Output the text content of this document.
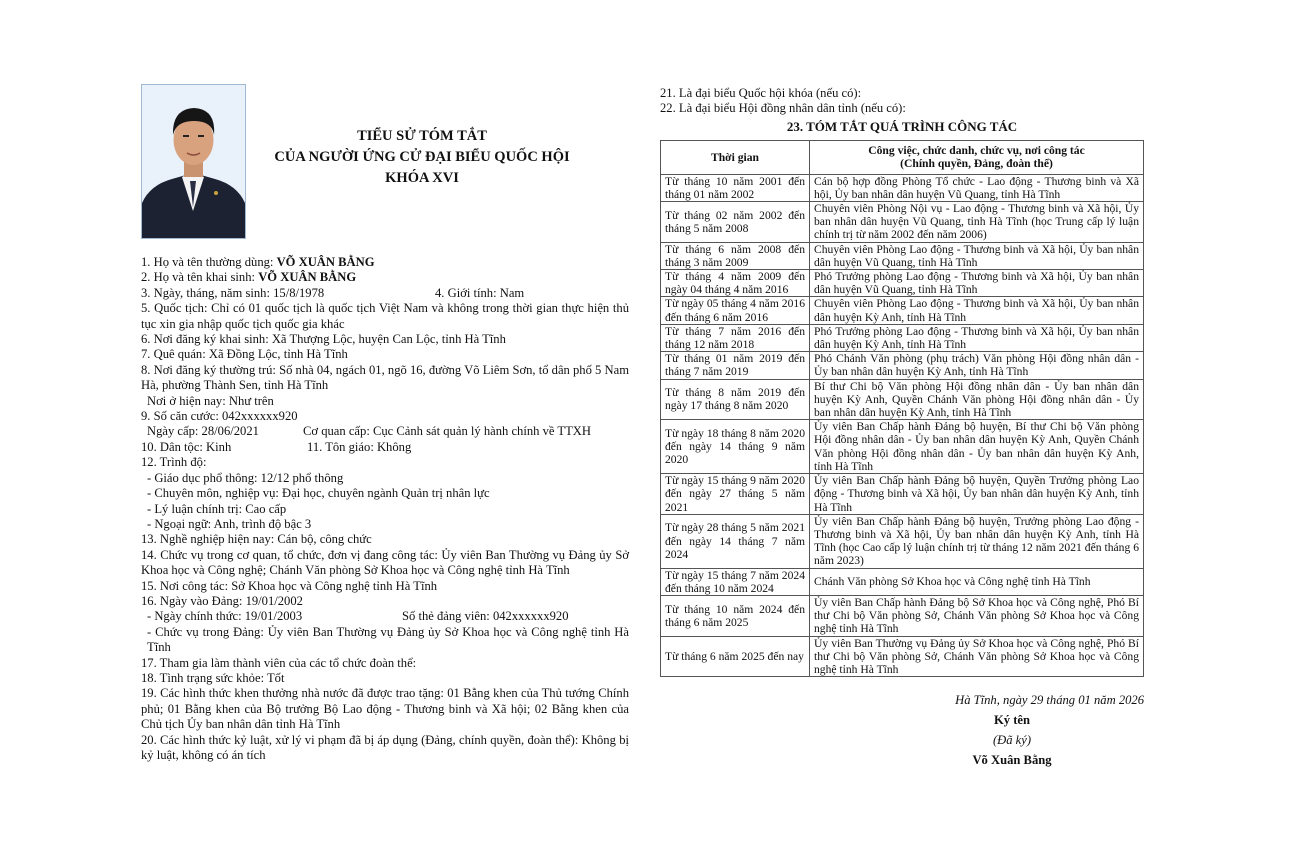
TIỂU SỬ TÓM TẮT
CỦA NGƯỜI ỨNG CỬ ĐẠI BIỂU QUỐC HỘI
KHÓA XVI

1. Họ và tên thường dùng: VÕ XUÂN BẰNG

2. Họ và tên khai sinh: VÕ XUÂN BẰNG

3. Ngày, tháng, năm sinh: 15/8/1978	4. Giới tính: Nam

5. Quốc tịch: Chỉ có 01 quốc tịch là quốc tịch Việt Nam và không trong thời gian thực hiện thủ tục xin gia nhập quốc tịch quốc gia khác

6. Nơi đăng ký khai sinh: Xã Thượng Lộc, huyện Can Lộc, tỉnh Hà Tĩnh

7. Quê quán: Xã Đồng Lộc, tỉnh Hà Tĩnh

8. Nơi đăng ký thường trú: Số nhà 04, ngách 01, ngõ 16, đường Võ Liêm Sơn, tổ dân phố 5 Nam Hà, phường Thành Sen, tỉnh Hà Tĩnh

Nơi ở hiện nay: Như trên

9. Số căn cước: 042xxxxxx920

Ngày cấp: 28/06/2021	Cơ quan cấp: Cục Cảnh sát quản lý hành chính về TTXH
10. Dân tộc: Kinh	11. Tôn giáo: Không

12. Trình độ:

- Giáo dục phổ thông: 12/12 phổ thông

- Chuyên môn, nghiệp vụ: Đại học, chuyên ngành Quản trị nhân lực

- Lý luận chính trị: Cao cấp

- Ngoại ngữ: Anh, trình độ bậc 3

13. Nghề nghiệp hiện nay: Cán bộ, công chức

14. Chức vụ trong cơ quan, tổ chức, đơn vị đang công tác: Ủy viên Ban Thường vụ Đảng ủy Sở Khoa học và Công nghệ; Chánh Văn phòng Sở Khoa học và Công nghệ tỉnh Hà Tĩnh

15. Nơi công tác: Sở Khoa học và Công nghệ tỉnh Hà Tĩnh

16. Ngày vào Đảng: 19/01/2002

- Ngày chính thức: 19/01/2003	Số thẻ đảng viên: 042xxxxxx920

- Chức vụ trong Đảng: Ủy viên Ban Thường vụ Đảng ủy Sở Khoa học và Công nghệ tỉnh Hà Tĩnh

17. Tham gia làm thành viên của các tổ chức đoàn thể:

18. Tình trạng sức khỏe: Tốt

19. Các hình thức khen thưởng nhà nước đã được trao tặng: 01 Bằng khen của Thủ tướng Chính phủ; 01 Bằng khen của Bộ trưởng Bộ Lao động - Thương binh và Xã hội; 02 Bằng khen của Chủ tịch Ủy ban nhân dân tỉnh Hà Tĩnh

20. Các hình thức kỷ luật, xử lý vi phạm đã bị áp dụng (Đảng, chính quyền, đoàn thể): Không bị kỷ luật, không có án tích

21. Là đại biểu Quốc hội khóa (nếu có):
22. Là đại biểu Hội đồng nhân dân tỉnh (nếu có):
23. TÓM TẮT QUÁ TRÌNH CÔNG TÁC
Thời gian	Công việc, chức danh, chức vụ, nơi công tác
(Chính quyền, Đảng, đoàn thể)

Từ tháng 10 năm 2001 đến tháng 01 năm 2002	Cán bộ hợp đồng Phòng Tổ chức - Lao động - Thương binh và Xã hội, Ủy ban nhân dân huyện Vũ Quang, tỉnh Hà Tĩnh
Từ tháng 02 năm 2002 đến tháng 5 năm 2008	Chuyên viên Phòng Nội vụ - Lao động - Thương binh và Xã hội, Ủy ban nhân dân huyện Vũ Quang, tỉnh Hà Tĩnh (học Trung cấp lý luận chính trị từ năm 2002 đến năm 2006)
Từ tháng 6 năm 2008 đến tháng 3 năm 2009	Chuyên viên Phòng Lao động - Thương binh và Xã hội, Ủy ban nhân dân huyện Vũ Quang, tỉnh Hà Tĩnh
Từ tháng 4 năm 2009 đến ngày 04 tháng 4 năm 2016	Phó Trưởng phòng Lao động - Thương binh và Xã hội, Ủy ban nhân dân huyện Vũ Quang, tỉnh Hà Tĩnh
Từ ngày 05 tháng 4 năm 2016 đến tháng 6 năm 2016	Chuyên viên Phòng Lao động - Thương binh và Xã hội, Ủy ban nhân dân huyện Kỳ Anh, tỉnh Hà Tĩnh
Từ tháng 7 năm 2016 đến tháng 12 năm 2018	Phó Trưởng phòng Lao động - Thương binh và Xã hội, Ủy ban nhân dân huyện Kỳ Anh, tỉnh Hà Tĩnh
Từ tháng 01 năm 2019 đến tháng 7 năm 2019	Phó Chánh Văn phòng (phụ trách) Văn phòng Hội đồng nhân dân - Ủy ban nhân dân huyện Kỳ Anh, tỉnh Hà Tĩnh
Từ tháng 8 năm 2019 đến ngày 17 tháng 8 năm 2020	Bí thư Chi bộ Văn phòng Hội đồng nhân dân - Ủy ban nhân dân huyện Kỳ Anh, Quyền Chánh Văn phòng Hội đồng nhân dân - Ủy ban nhân dân huyện Kỳ Anh, tỉnh Hà Tĩnh
Từ ngày 18 tháng 8 năm 2020 đến ngày 14 tháng 9 năm 2020	Ủy viên Ban Chấp hành Đảng bộ huyện, Bí thư Chi bộ Văn phòng Hội đồng nhân dân - Ủy ban nhân dân huyện Kỳ Anh, Quyền Chánh Văn phòng Hội đồng nhân dân - Ủy ban nhân dân huyện Kỳ Anh, tỉnh Hà Tĩnh
Từ ngày 15 tháng 9 năm 2020 đến ngày 27 tháng 5 năm 2021	Ủy viên Ban Chấp hành Đảng bộ huyện, Quyền Trưởng phòng Lao động - Thương binh và Xã hội, Ủy ban nhân dân huyện Kỳ Anh, tỉnh Hà Tĩnh
Từ ngày 28 tháng 5 năm 2021 đến ngày 14 tháng 7 năm 2024	Ủy viên Ban Chấp hành Đảng bộ huyện, Trưởng phòng Lao động - Thương binh và Xã hội, Ủy ban nhân dân huyện Kỳ Anh, tỉnh Hà Tĩnh (học Cao cấp lý luận chính trị từ tháng 12 năm 2021 đến tháng 6 năm 2023)
Từ ngày 15 tháng 7 năm 2024 đến tháng 10 năm 2024	Chánh Văn phòng Sở Khoa học và Công nghệ tỉnh Hà Tĩnh
Từ tháng 10 năm 2024 đến tháng 6 năm 2025	Ủy viên Ban Chấp hành Đảng bộ Sở Khoa học và Công nghệ, Phó Bí thư Chi bộ Văn phòng Sở, Chánh Văn phòng Sở Khoa học và Công nghệ tỉnh Hà Tĩnh
Từ tháng 6 năm 2025 đến nay	Ủy viên Ban Thường vụ Đảng ủy Sở Khoa học và Công nghệ, Phó Bí thư Chi bộ Văn phòng Sở, Chánh Văn phòng Sở Khoa học và Công nghệ tỉnh Hà Tĩnh
Hà Tĩnh, ngày 29 tháng 01 năm 2026
Ký tên
(Đã ký)
Võ Xuân Bằng
